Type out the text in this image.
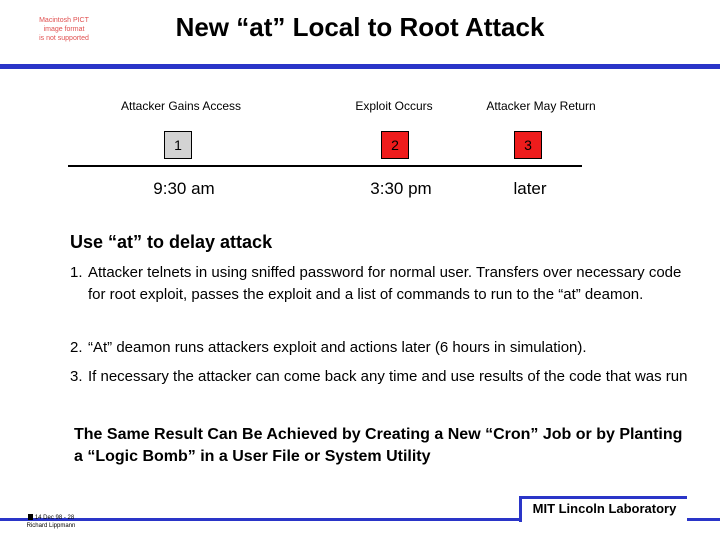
Macintosh PICT
image format
is not supported	New “at” Local to Root Attack
Attacker Gains Access	Exploit Occurs	Attacker May Return
1	2	3
9:30 am	3:30 pm	later
Use “at” to delay attack
1. Attacker telnets in using sniffed password for normal user. Transfers over necessary code for root exploit, passes the exploit and a list of commands to run to the “at” deamon.
2. “At” deamon runs attackers exploit and actions later (6 hours in simulation).
3. If necessary the attacker can come back any time and use results of the code that was run
The Same Result Can Be Achieved by Creating a New “Cron” Job or by Planting a “Logic Bomb” in a User File or System Utility
14 Dec 98 - 28
Richard Lippmann
MIT Lincoln Laboratory
